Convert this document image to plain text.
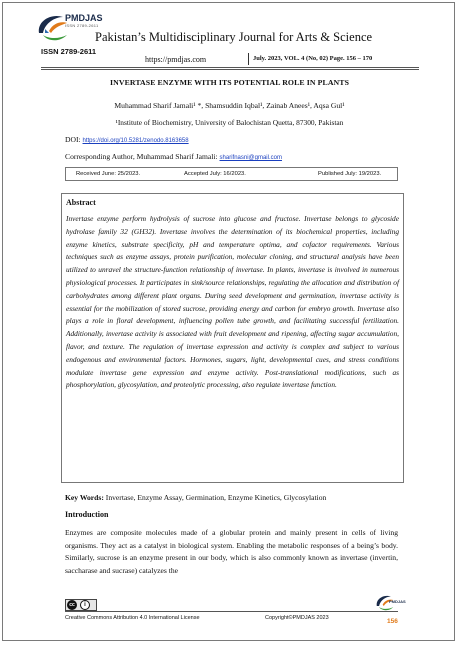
PMDJAS
ISSN 2789-2611
Pakistan’s Multidisciplinary Journal for Arts & Science
ISSN 2789-2611
https://pmdjas.com	July. 2023, VOL. 4 (No, 02) Page. 156 – 170
INVERTASE ENZYME WITH ITS POTENTIAL ROLE IN PLANTS
Muhammad Sharif Jamali¹ *, Shamsuddin Iqbal¹, Zainab Anees¹, Aqsa Gul¹
¹Institute of Biochemistry, University of Balochistan Quetta, 87300, Pakistan
DOI: https://doi.org/10.5281/zenodo.8163658
Corresponding Author, Muhammad Sharif Jamali: sharifnasni@gmail.com
Received June: 25/2023.	Accepted July: 16/2023.	Published July: 19/2023.
Abstract
Invertase enzyme perform hydrolysis of sucrose into glucose and fructose. Invertase belongs to glycoside hydrolase family 32 (GH32). Invertase involves the determination of its biochemical properties, including enzyme kinetics, substrate specificity, pH and temperature optima, and cofactor requirements. Various techniques such as enzyme assays, protein purification, molecular cloning, and structural analysis have been utilized to unravel the structure-function relationship of invertase. In plants, invertase is involved in numerous physiological processes. It participates in sink/source relationships, regulating the allocation and distribution of carbohydrates among different plant organs. During seed development and germination, invertase activity is essential for the mobilization of stored sucrose, providing energy and carbon for embryo growth. Invertase also plays a role in floral development, influencing pollen tube growth, and facilitating successful fertilization. Additionally, invertase activity is associated with fruit development and ripening, affecting sugar accumulation, flavor, and texture. The regulation of invertase expression and activity is complex and subject to various endogenous and environmental factors. Hormones, sugars, light, developmental cues, and stress conditions modulate invertase gene expression and enzyme activity. Post-translational modifications, such as phosphorylation, glycosylation, and proteolytic processing, also regulate invertase function.
Key Words: Invertase, Enzyme Assay, Germination, Enzyme Kinetics, Glycosylation
Introduction
Enzymes are composite molecules made of a globular protein and mainly present in cells of living organisms. They act as a catalyst in biological system. Enabling the metabolic responses of a being’s body. Similarly, sucrose is an enzyme present in our body, which is also commonly known as invertase (invertin, saccharase and sucrase) catalyzes the
cc	i
Creative Commons Attribution 4.0 International License	Copyright©PMDJAS 2023
PMDJAS
156
